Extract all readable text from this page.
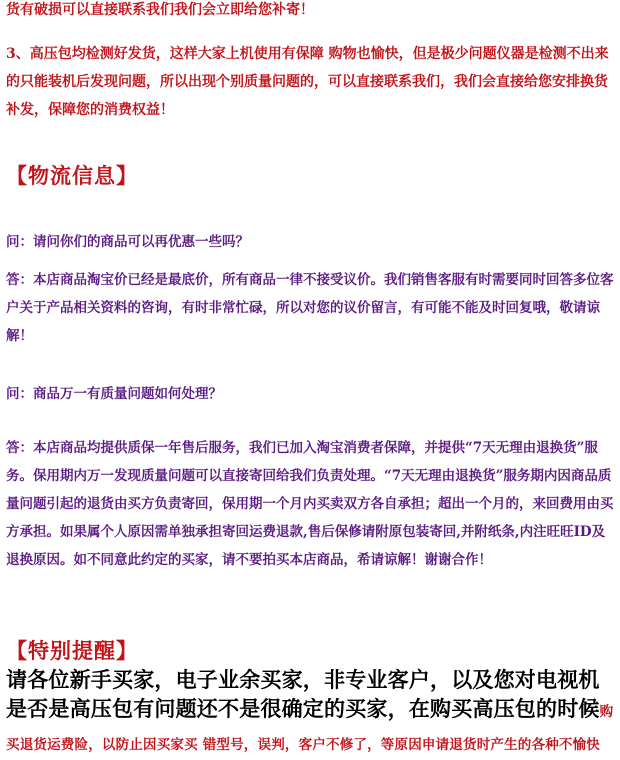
货有破损可以直接联系我们我们会立即给您补寄！

3、高压包均检测好发货，这样大家上机使用有保障 购物也愉快，但是极少问题仪器是检测不出来的只能装机后发现问题，所以出现个别质量问题的，可以直接联系我们，我们会直接给您安排换货补发，保障您的消费权益！

【物流信息】

问：请问你们的商品可以再优惠一些吗？

答：本店商品淘宝价已经是最底价，所有商品一律不接受议价。我们销售客服有时需要同时回答多位客户关于产品相关资料的咨询，有时非常忙碌，所以对您的议价留言，有可能不能及时回复哦，敬请谅解！

问：商品万一有质量问题如何处理？

答：本店商品均提供质保一年售后服务，我们已加入淘宝消费者保障，并提供“7天无理由退换货”服务。保用期内万一发现质量问题可以直接寄回给我们负责处理。“7天无理由退换货”服务期内因商品质量问题引起的退货由买方负责寄回，保用期一个月内买卖双方各自承担；超出一个月的，来回费用由买方承担。如果属个人原因需单独承担寄回运费退款,售后保修请附原包装寄回,并附纸条,内注旺旺ID及退换原因。如不同意此约定的买家，请不要拍买本店商品，希请谅解！谢谢合作！

【特别提醒】

请各位新手买家，电子业余买家，非专业客户，以及您对电视机是否是高压包有问题还不是很确定的买家，在购买高压包的时候购买退货运费险，以防止因买家买 错型号，误判，客户不修了，等原因申请退货时产生的各种不愉快
